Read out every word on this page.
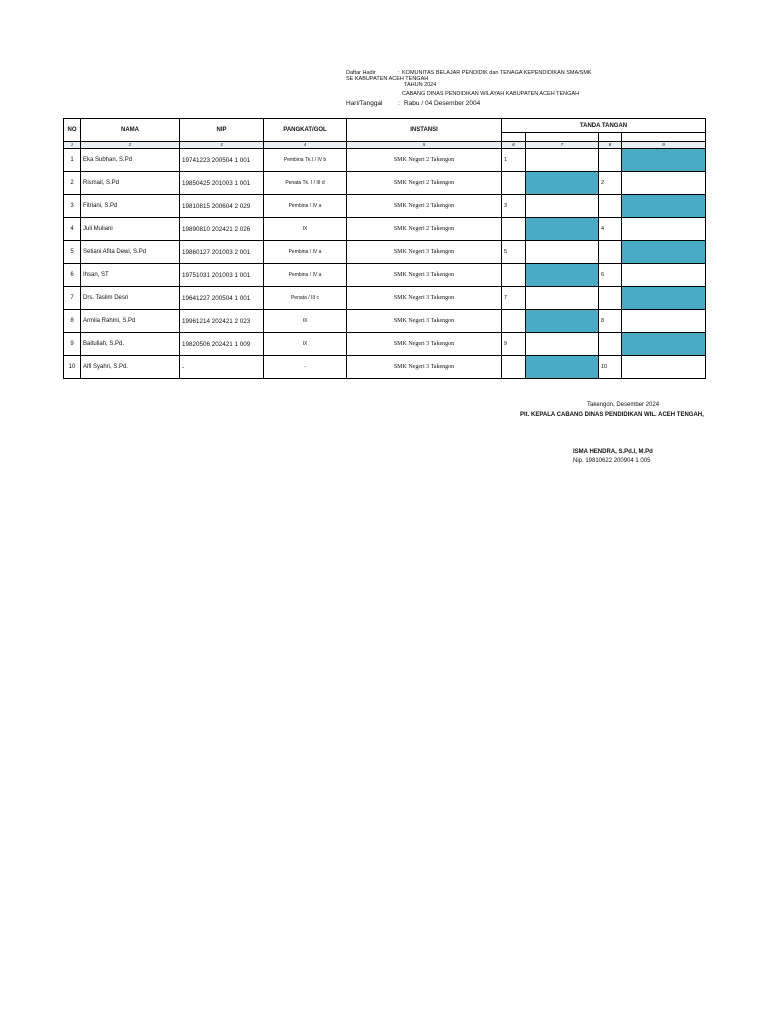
Daftar Hadir	: KOMUNITAS BELAJAR PENDIDIK dan TENAGA KEPENDIDIKAN SMA/SMK
SE KABUPATEN ACEH TENGAH
TAHUN 2024
CABANG DINAS PENDIDIKAN WILAYAH KABUPATEN ACEH TENGAH
Hari/Tanggal : Rabu / 04 Desember 2004
NO	NAMA	NIP	PANGKAT/GOL	INSTANSI	TANDA TANGAN			

1	2	3	4	5	6	7	8	9
1	Eka Subhan, S.Pd	19741223 200504 1 001	Pembina Tk.I / IV b	SMK Negeri 2 Takengon	1			
2	Rismail, S.Pd	19850425 201003 1 001	Penata Tk. I / III d	SMK Negeri 2 Takengon			2	
3	Fitriani, S.Pd	19810815 200604 2 029	Pembina / IV a	SMK Negeri 2 Takengon	3			
4	Juli Muliani	19890810 202421 2 026	IX	SMK Negeri 2 Takengon			4	
5	Setiani Afita Dewi, S.Pd	19860127 201003 2 001	Pembina / IV a	SMK Negeri 3 Takengon	5			
6	Ihsan, ST	19751031 201003 1 001	Pembina / IV a	SMK Negeri 3 Takengon			6	
7	Drs. Taslim Desri	19641227 200504 1 001	Penata / III c	SMK Negeri 3 Takengon	7			
8	Armila Rahmi, S.Pd	19961214 202421 2 023	IX	SMK Negeri 3 Takengon			8	
9	Baitullah, S.Pd.	19820506 202421 1 009	IX	SMK Negeri 3 Takengon	9			
10	Alfi Syahri, S.Pd.	-	-	SMK Negeri 3 Takengon			10	
Takengon, Desember 2024
Plt. KEPALA CABANG DINAS PENDIDIKAN WIL. ACEH TENGAH,
ISMA HENDRA, S.Pd.I, M.Pd
Nip. 19810622 200904 1 005
